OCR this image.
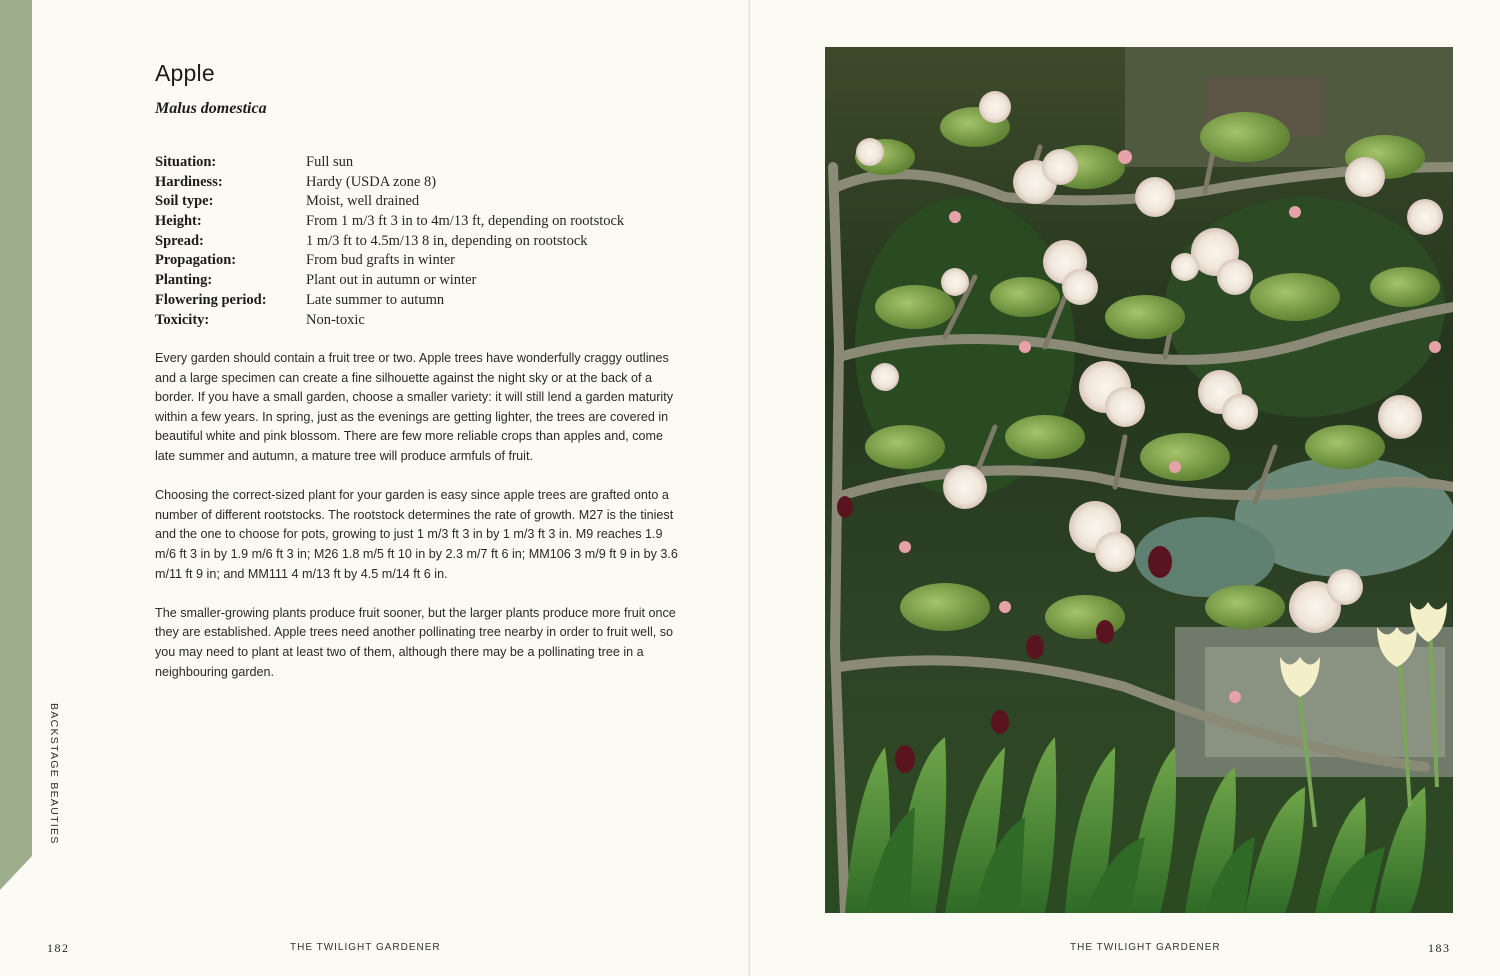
BACKSTAGE BEAUTIES
Apple
Malus domestica
Situation:	Full sun
Hardiness:	Hardy (USDA zone 8)
Soil type:	Moist, well drained
Height:	From 1 m/3 ft 3 in to 4m/13 ft, depending on rootstock
Spread:	1 m/3 ft to 4.5m/13 8 in, depending on rootstock
Propagation:	From bud grafts in winter
Planting:	Plant out in autumn or winter
Flowering period:	Late summer to autumn
Toxicity:	Non-toxic

Every garden should contain a fruit tree or two. Apple trees have wonderfully craggy outlines and a large specimen can create a fine silhouette against the night sky or at the back of a border. If you have a small garden, choose a smaller variety: it will still lend a garden maturity within a few years. In spring, just as the evenings are getting lighter, the trees are covered in beautiful white and pink blossom. There are few more reliable crops than apples and, come late summer and autumn, a mature tree will produce armfuls of fruit.

Choosing the correct-sized plant for your garden is easy since apple trees are grafted onto a number of different rootstocks. The rootstock determines the rate of growth. M27 is the tiniest and the one to choose for pots, growing to just 1 m/3 ft 3 in by 1 m/3 ft 3 in. M9 reaches 1.9 m/6 ft 3 in by 1.9 m/6 ft 3 in; M26 1.8 m/5 ft 10 in by 2.3 m/7 ft 6 in; MM106 3 m/9 ft 9 in by 3.6 m/11 ft 9 in; and MM111 4 m/13 ft by 4.5 m/14 ft 6 in.

The smaller-growing plants produce fruit sooner, but the larger plants produce more fruit once they are established. Apple trees need another pollinating tree nearby in order to fruit well, so you may need to plant at least two of them, although there may be a pollinating tree in a neighbouring garden.

182	THE TWILIGHT GARDENER	183
THE TWILIGHT GARDENER
